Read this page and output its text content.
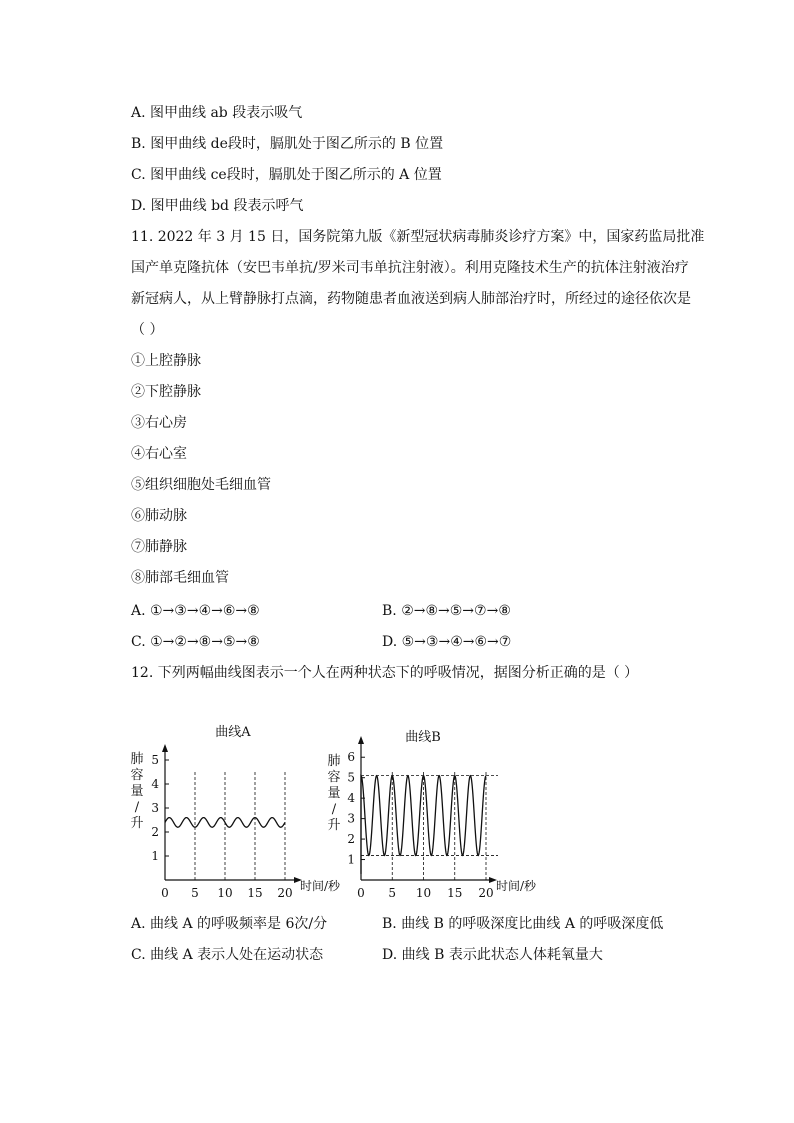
A. 图甲曲线 ab 段表示吸气
B. 图甲曲线 de段时，膈肌处于图乙所示的 B 位置
C. 图甲曲线 ce段时，膈肌处于图乙所示的 A 位置
D. 图甲曲线 bd 段表示呼气
11. 2022 年 3 月 15 日，国务院第九版《新型冠状病毒肺炎诊疗方案》中，国家药监局批准
国产单克隆抗体（安巴韦单抗/罗米司韦单抗注射液）。利用克隆技术生产的抗体注射液治疗
新冠病人，从上臂静脉打点滴，药物随患者血液送到病人肺部治疗时，所经过的途径依次是
（ ）
①上腔静脉
②下腔静脉
③右心房
④右心室
⑤组织细胞处毛细血管
⑥肺动脉
⑦肺静脉
⑧肺部毛细血管
A. ①→③→④→⑥→⑧	B. ②→⑧→⑤→⑦→⑧
C. ①→②→⑧→⑤→⑧	D. ⑤→③→④→⑥→⑦
12. 下列两幅曲线图表示一个人在两种状态下的呼吸情况，据图分析正确的是（ ）
曲线A
肺
容
量
/
升
0 5 10 15 20
1
2
3
4
5
时间/秒
曲线B
肺
容
量
/
升
0 5 10 15 20
1
2
3
4
5
6
时间/秒
A. 曲线 A 的呼吸频率是 6次/分	B. 曲线 B 的呼吸深度比曲线 A 的呼吸深度低
C. 曲线 A 表示人处在运动状态	D. 曲线 B 表示此状态人体耗氧量大
